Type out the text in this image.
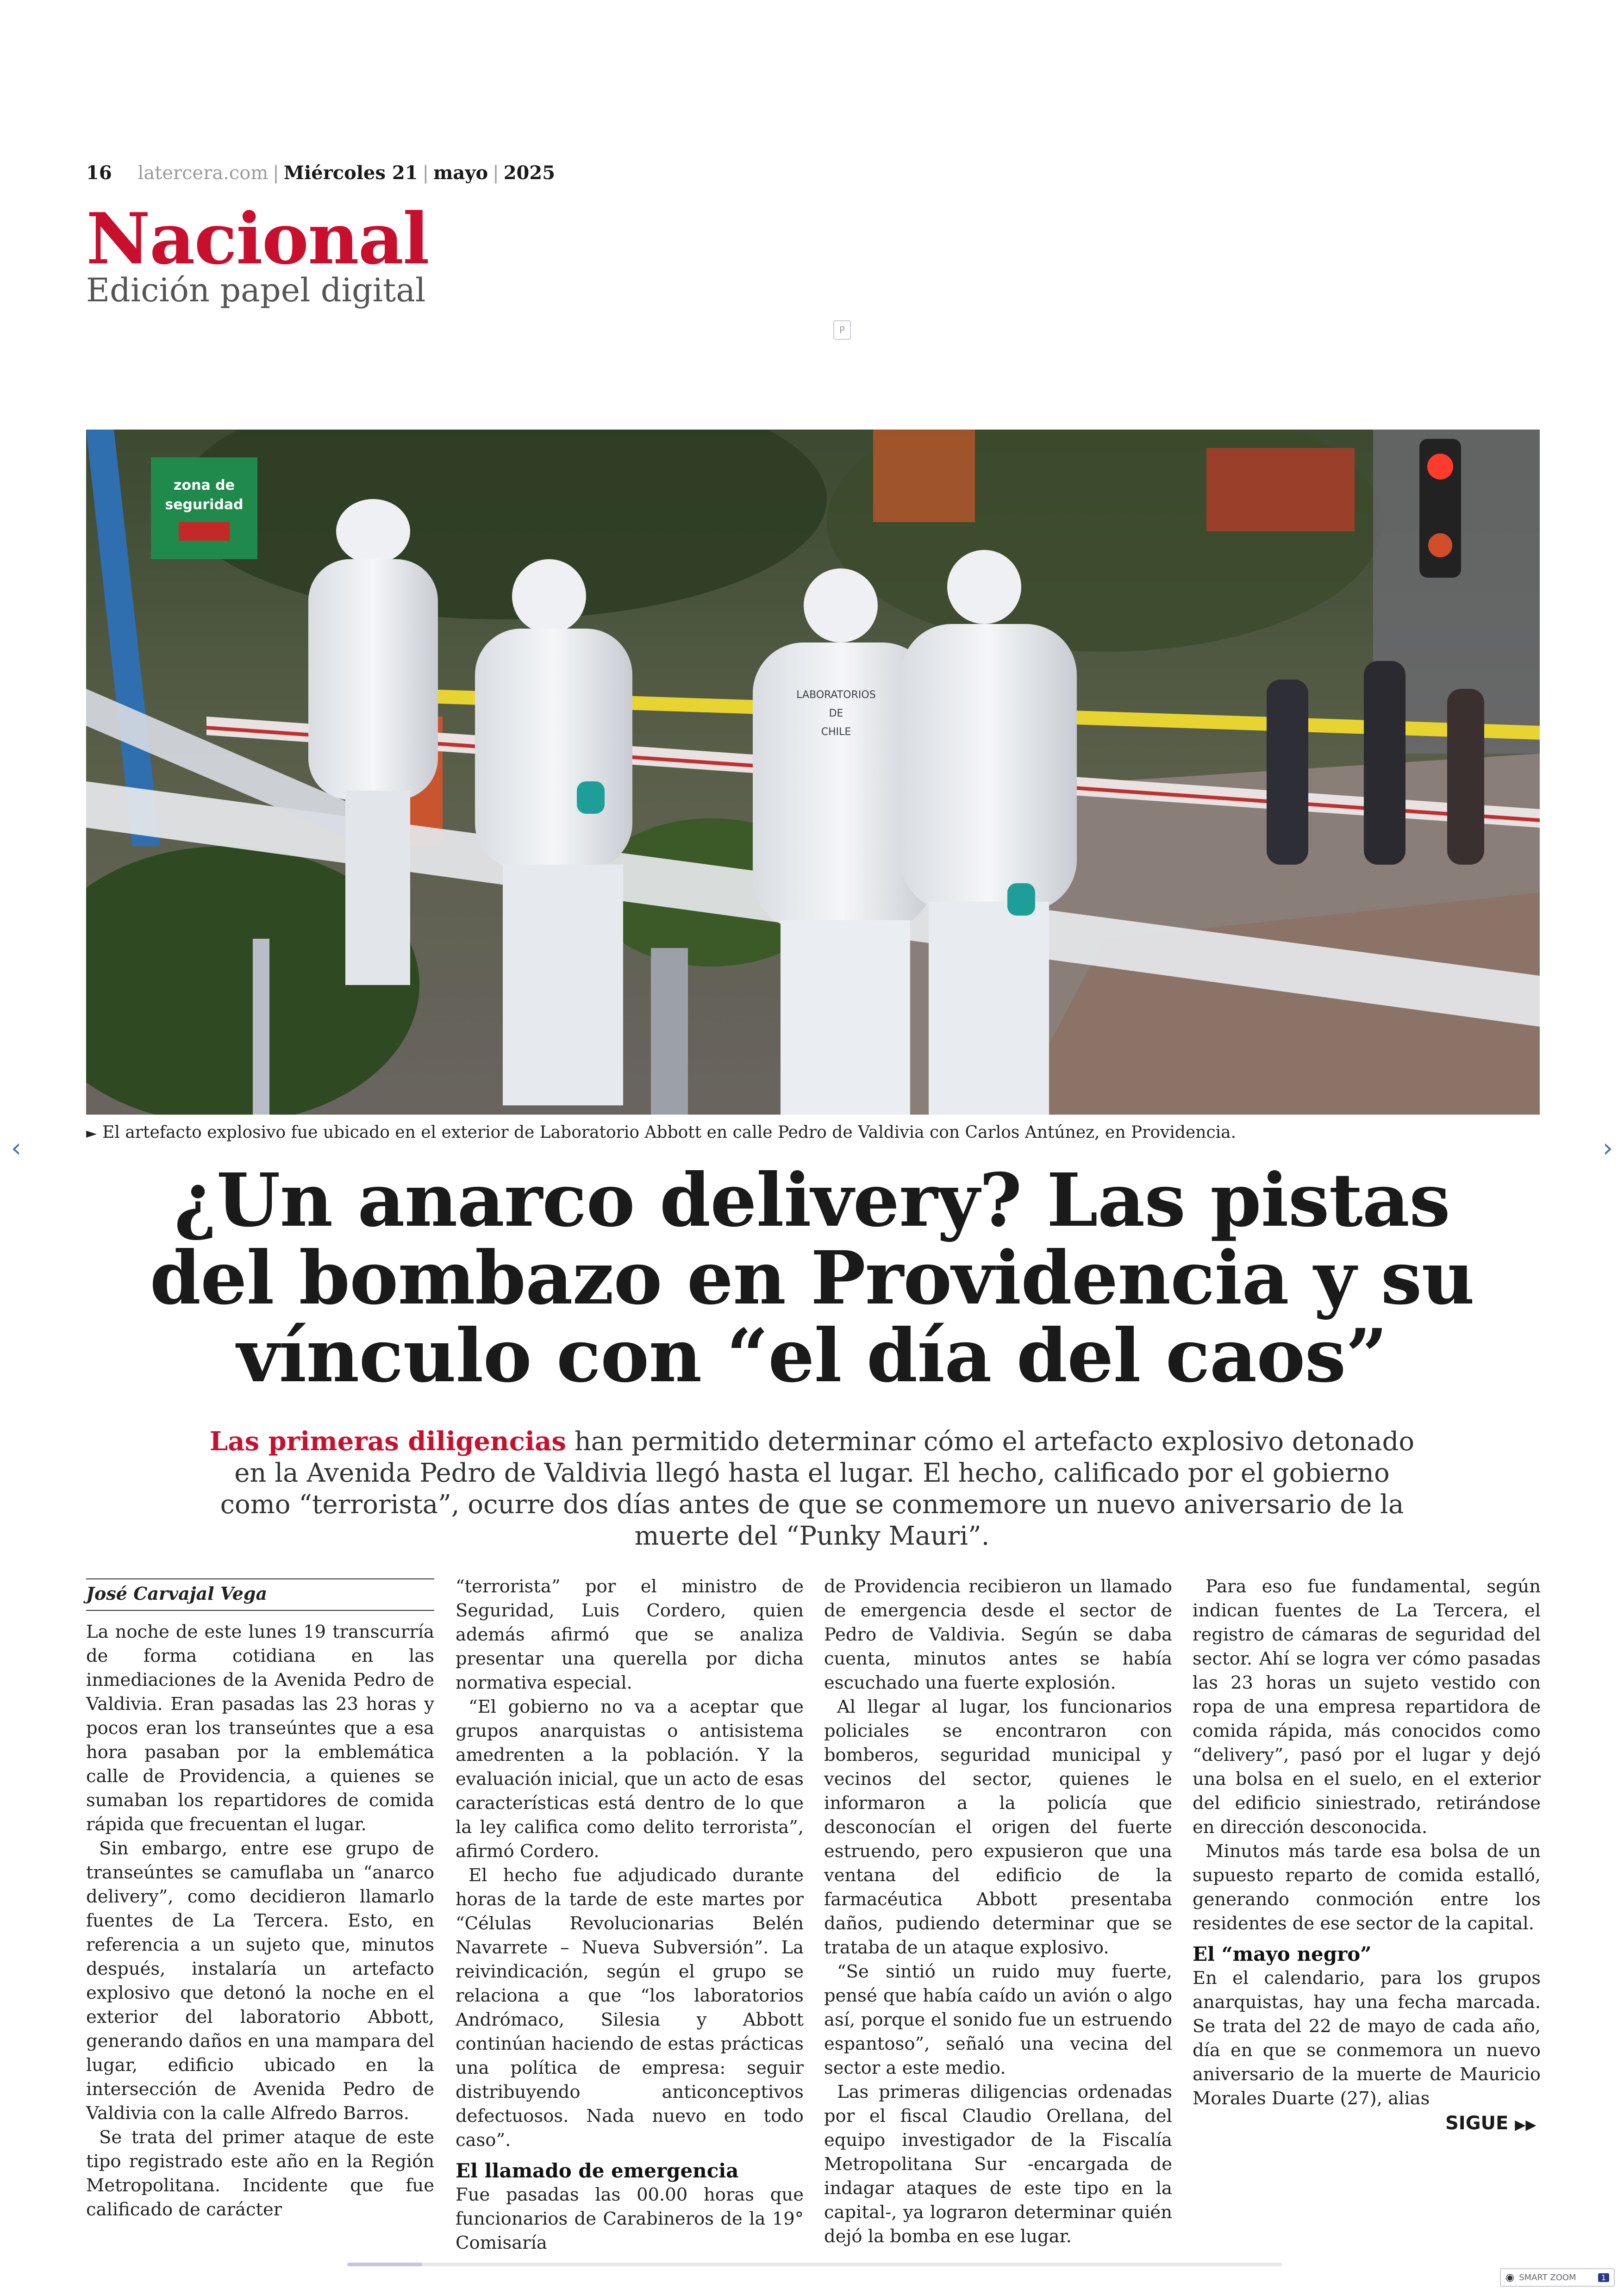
16 latercera.com | Miércoles 21 | mayo | 2025
Nacional
Edición papel digital
P
zona de
seguridad
LABORATORIOS
DE
CHILE
► El artefacto explosivo fue ubicado en el exterior de Laboratorio Abbott en calle Pedro de Valdivia con Carlos Antúnez, en Providencia.
‹	›
¿Un anarco delivery? Las pistas del bombazo en Providencia y su vínculo con “el día del caos”
Las primeras diligencias han permitido determinar cómo el artefacto explosivo detonado en la Avenida Pedro de Valdivia llegó hasta el lugar. El hecho, calificado por el gobierno como “terrorista”, ocurre dos días antes de que se conmemore un nuevo aniversario de la muerte del “Punky Mauri”.
José Carvajal Vega

La noche de este lunes 19 transcurría de forma cotidiana en las inmediaciones de la Avenida Pedro de Valdivia. Eran pasadas las 23 horas y pocos eran los transeúntes que a esa hora pasaban por la emblemática calle de Providencia, a quienes se sumaban los repartidores de comida rápida que frecuentan el lugar.

Sin embargo, entre ese grupo de transeúntes se camuflaba un “anarco delivery”, como decidieron llamarlo fuentes de La Tercera. Esto, en referencia a un sujeto que, minutos después, instalaría un artefacto explosivo que detonó la noche en el exterior del laboratorio Abbott, generando daños en una mampara del lugar, edificio ubicado en la intersección de Avenida Pedro de Valdivia con la calle Alfredo Barros.

Se trata del primer ataque de este tipo registrado este año en la Región Metropolitana. Incidente que fue calificado de carácter

“terrorista” por el ministro de Seguridad, Luis Cordero, quien además afirmó que se analiza presentar una querella por dicha normativa especial.

“El gobierno no va a aceptar que grupos anarquistas o antisistema amedrenten a la población. Y la evaluación inicial, que un acto de esas características está dentro de lo que la ley califica como delito terrorista”, afirmó Cordero.

El hecho fue adjudicado durante horas de la tarde de este martes por “Células Revolucionarias Belén Navarrete – Nueva Subversión”. La reivindicación, según el grupo se relaciona a que “los laboratorios Andrómaco, Silesia y Abbott continúan haciendo de estas prácticas una política de empresa: seguir distribuyendo anticonceptivos defectuosos. Nada nuevo en todo caso”.

El llamado de emergencia

Fue pasadas las 00.00 horas que funcionarios de Carabineros de la 19° Comisaría

de Providencia recibieron un llamado de emergencia desde el sector de Pedro de Valdivia. Según se daba cuenta, minutos antes se había escuchado una fuerte explosión.

Al llegar al lugar, los funcionarios policiales se encontraron con bomberos, seguridad municipal y vecinos del sector, quienes le informaron a la policía que desconocían el origen del fuerte estruendo, pero expusieron que una ventana del edificio de la farmacéutica Abbott presentaba daños, pudiendo determinar que se trataba de un ataque explosivo.

“Se sintió un ruido muy fuerte, pensé que había caído un avión o algo así, porque el sonido fue un estruendo espantoso”, señaló una vecina del sector a este medio.

Las primeras diligencias ordenadas por el fiscal Claudio Orellana, del equipo investigador de la Fiscalía Metropolitana Sur -encargada de indagar ataques de este tipo en la capital-, ya lograron determinar quién dejó la bomba en ese lugar.

Para eso fue fundamental, según indican fuentes de La Tercera, el registro de cámaras de seguridad del sector. Ahí se logra ver cómo pasadas las 23 horas un sujeto vestido con ropa de una empresa repartidora de comida rápida, más conocidos como “delivery”, pasó por el lugar y dejó una bolsa en el suelo, en el exterior del edificio siniestrado, retirándose en dirección desconocida.

Minutos más tarde esa bolsa de un supuesto reparto de comida estalló, generando conmoción entre los residentes de ese sector de la capital.

El “mayo negro”

En el calendario, para los grupos anarquistas, hay una fecha marcada. Se trata del 22 de mayo de cada año, día en que se conmemora un nuevo aniversario de la muerte de Mauricio Morales Duarte (27), alias

SIGUE ▶▶
◉ SMART ZOOM	1
